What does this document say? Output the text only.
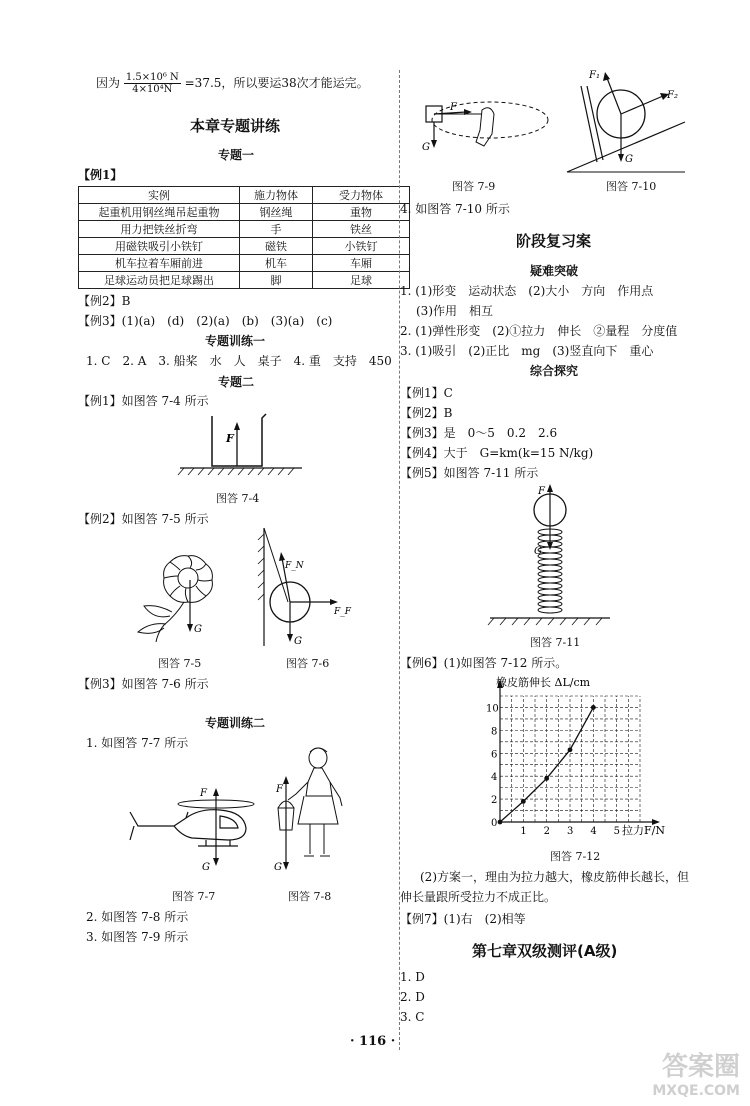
因为 $\frac{\text{1.5×10⁶ N}}{\text{4×10⁴N}} =37.5$，所以要运38次才能运完。
本章专题讲练
专题一
【例1】
实例	施力物体	受力物体
起重机用钢丝绳吊起重物	钢丝绳	重物
用力把铁丝折弯	手	铁丝
用磁铁吸引小铁钉	磁铁	小铁钉
机车拉着车厢前进	机车	车厢
足球运动员把足球踢出	脚	足球
【例2】B
【例3】(1)(a)　(d)　(2)(a)　(b)　(3)(a)　(c)
专题训练一
1. C　2. A　3. 船桨　水　人　桌子　4. 重　支持　450
专题二
【例1】如图答 7-4 所示
F
图答 7-4
【例2】如图答 7-5 所示
G
图答 7-5
F_N
F_F
G
图答 7-6
【例3】如图答 7-6 所示
专题训练二
1. 如图答 7-7 所示
F
G
图答 7-7
F
G
图答 7-8
2. 如图答 7-8 所示
3. 如图答 7-9 所示
F
G
图答 7-9
F₁
F₂
G
图答 7-10
4. 如图答 7-10 所示
阶段复习案
疑难突破
1. (1)形变　运动状态　(2)大小　方向　作用点
(3)作用　相互
2. (1)弹性形变　(2)①拉力　伸长　②量程　分度值
3. (1)吸引　(2)正比　mg　(3)竖直向下　重心
综合探究
【例1】C
【例2】B
【例3】是　0～5　0.2　2.6
【例4】大于　G=km(k=15 N/kg)
【例5】如图答 7-11 所示
F
G
图答 7-11
【例6】(1)如图答 7-12 所示。
1 2 3 4 5
2
4
6
8
10
0
橡皮筋伸长 ΔL/cm
拉力F/N
图答 7-12
(2)方案一，理由为拉力越大，橡皮筋伸长越长，但
伸长量跟所受拉力不成正比。
【例7】(1)右　(2)相等
第七章双级测评(A级)
1. D
2. D
3. C
· 116 ·
答案圈
MXQE.COM
